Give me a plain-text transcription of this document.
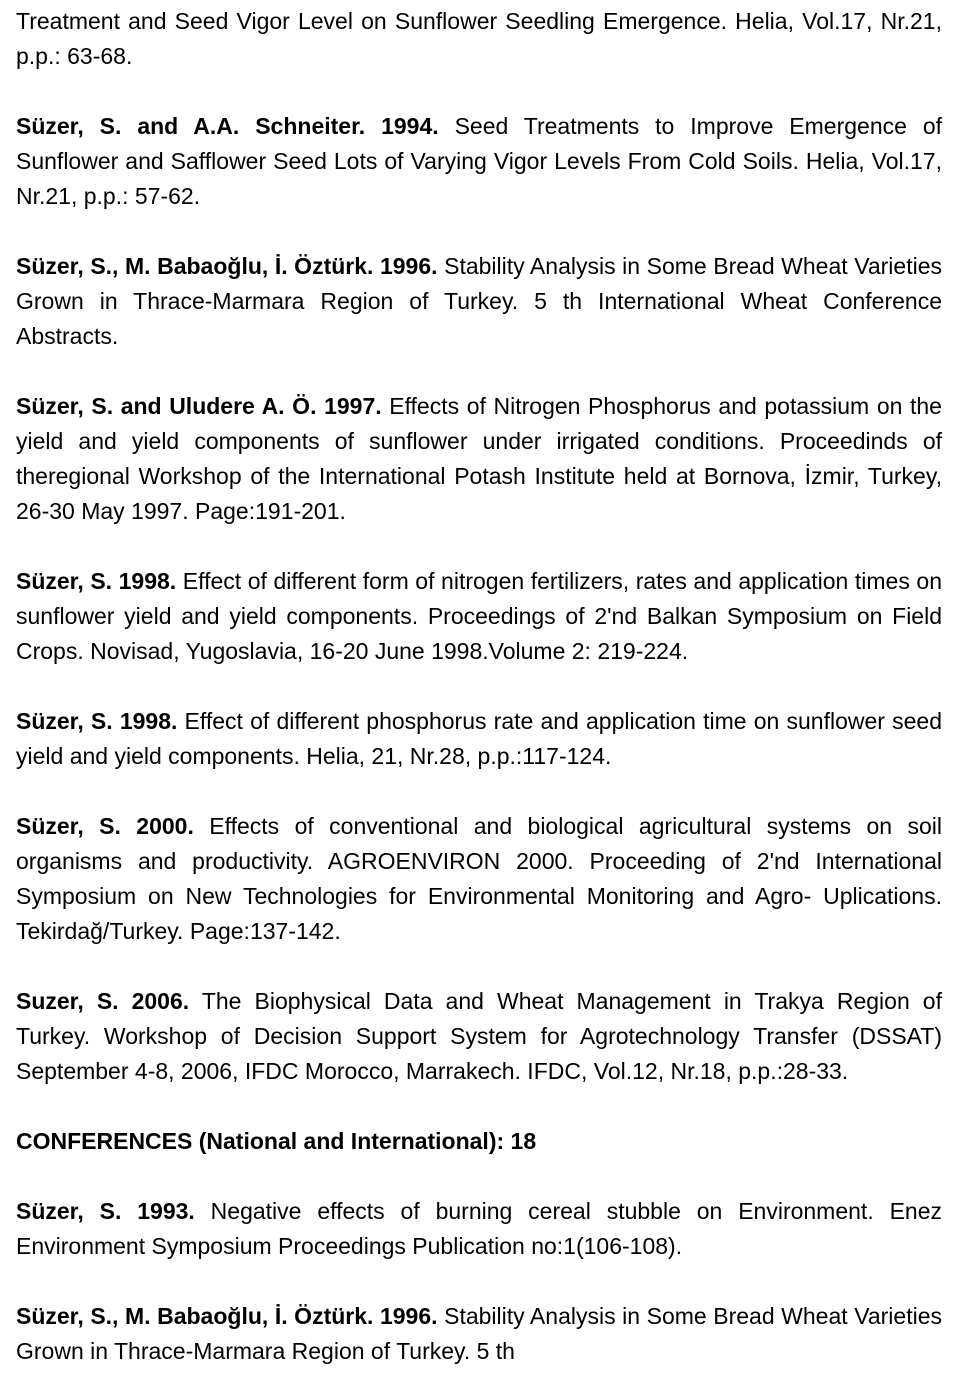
Treatment and Seed Vigor Level on Sunflower Seedling Emergence. Helia, Vol.17, Nr.21, p.p.: 63-68.

Süzer, S. and A.A. Schneiter. 1994. Seed Treatments to Improve Emergence of Sunflower and Safflower Seed Lots of Varying Vigor Levels From Cold Soils. Helia, Vol.17, Nr.21, p.p.: 57-62.

Süzer, S., M. Babaoğlu, İ. Öztürk. 1996. Stability Analysis in Some Bread Wheat Varieties Grown in Thrace-Marmara Region of Turkey. 5 th International Wheat Conference Abstracts.

Süzer, S. and Uludere A. Ö. 1997. Effects of Nitrogen Phosphorus and potassium on the yield and yield components of sunflower under irrigated conditions. Proceedinds of theregional Workshop of the International Potash Institute held at Bornova, İzmir, Turkey, 26-30 May 1997. Page:191-201.

Süzer, S. 1998. Effect of different form of nitrogen fertilizers, rates and application times on sunflower yield and yield components. Proceedings of 2'nd Balkan Symposium on Field Crops. Novisad, Yugoslavia, 16-20 June 1998.Volume 2: 219-224.

Süzer, S. 1998. Effect of different phosphorus rate and application time on sunflower seed yield and yield components. Helia, 21, Nr.28, p.p.:117-124.

Süzer, S. 2000. Effects of conventional and biological agricultural systems on soil organisms and productivity. AGROENVIRON 2000. Proceeding of 2'nd International Symposium on New Technologies for Environmental Monitoring and Agro- Uplications. Tekirdağ/Turkey. Page:137-142.

Suzer, S. 2006. The Biophysical Data and Wheat Management in Trakya Region of Turkey. Workshop of Decision Support System for Agrotechnology Transfer (DSSAT) September 4-8, 2006, IFDC Morocco, Marrakech. IFDC, Vol.12, Nr.18, p.p.:28-33.

CONFERENCES (National and International): 18

Süzer, S. 1993. Negative effects of burning cereal stubble on Environment. Enez Environment Symposium Proceedings Publication no:1(106-108).

Süzer, S., M. Babaoğlu, İ. Öztürk. 1996. Stability Analysis in Some Bread Wheat Varieties Grown in Thrace-Marmara Region of Turkey. 5 th
